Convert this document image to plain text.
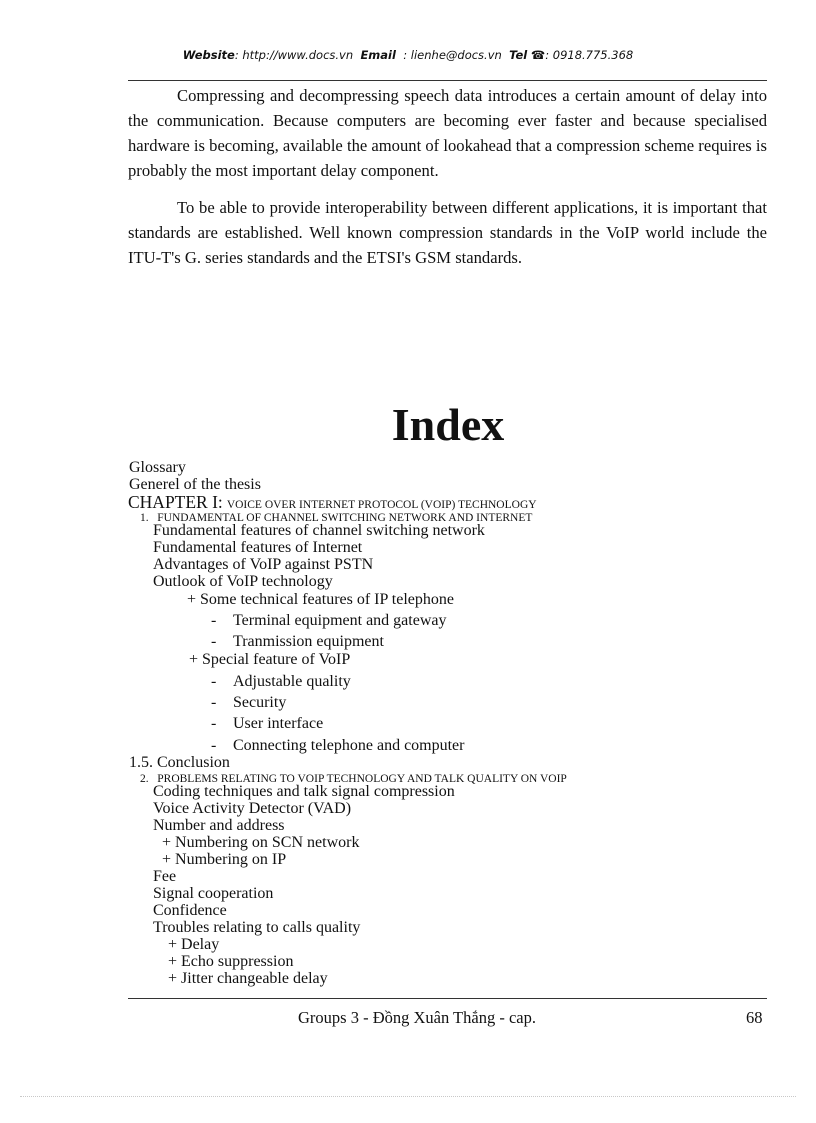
Website: http://www.docs.vn Email : lienhe@docs.vn Tel ☎: 0918.775.368

Compressing and decompressing speech data introduces a certain amount of delay into the communication. Because computers are becoming ever faster and because specialised hardware is becoming, available the amount of lookahead that a compression scheme requires is probably the most important delay component.

To be able to provide interoperability between different applications, it is important that standards are established. Well known compression standards in the VoIP world include the ITU-T's G. series standards and the ETSI's GSM standards.

Index
Glossary
Generel of the thesis
CHAPTER I: VOICE OVER INTERNET PROTOCOL (VOIP) TECHNOLOGY
1. FUNDAMENTAL OF CHANNEL SWITCHING NETWORK AND INTERNET
Fundamental features of channel switching network
Fundamental features of Internet
Advantages of VoIP against PSTN
Outlook of VoIP technology
+ Some technical features of IP telephone
- Terminal equipment and gateway
- Tranmission equipment
+ Special feature of VoIP
- Adjustable quality
- Security
- User interface
- Connecting telephone and computer
1.5. Conclusion
2. PROBLEMS RELATING TO VOIP TECHNOLOGY AND TALK QUALITY ON VOIP
Coding techniques and talk signal compression
Voice Activity Detector (VAD)
Number and address
+ Numbering on SCN network
+ Numbering on IP
Fee
Signal cooperation
Confidence
Troubles relating to calls quality
+ Delay
+ Echo suppression
+ Jitter changeable delay
Groups 3 - Đồng Xuân Thắng - cap.	68
